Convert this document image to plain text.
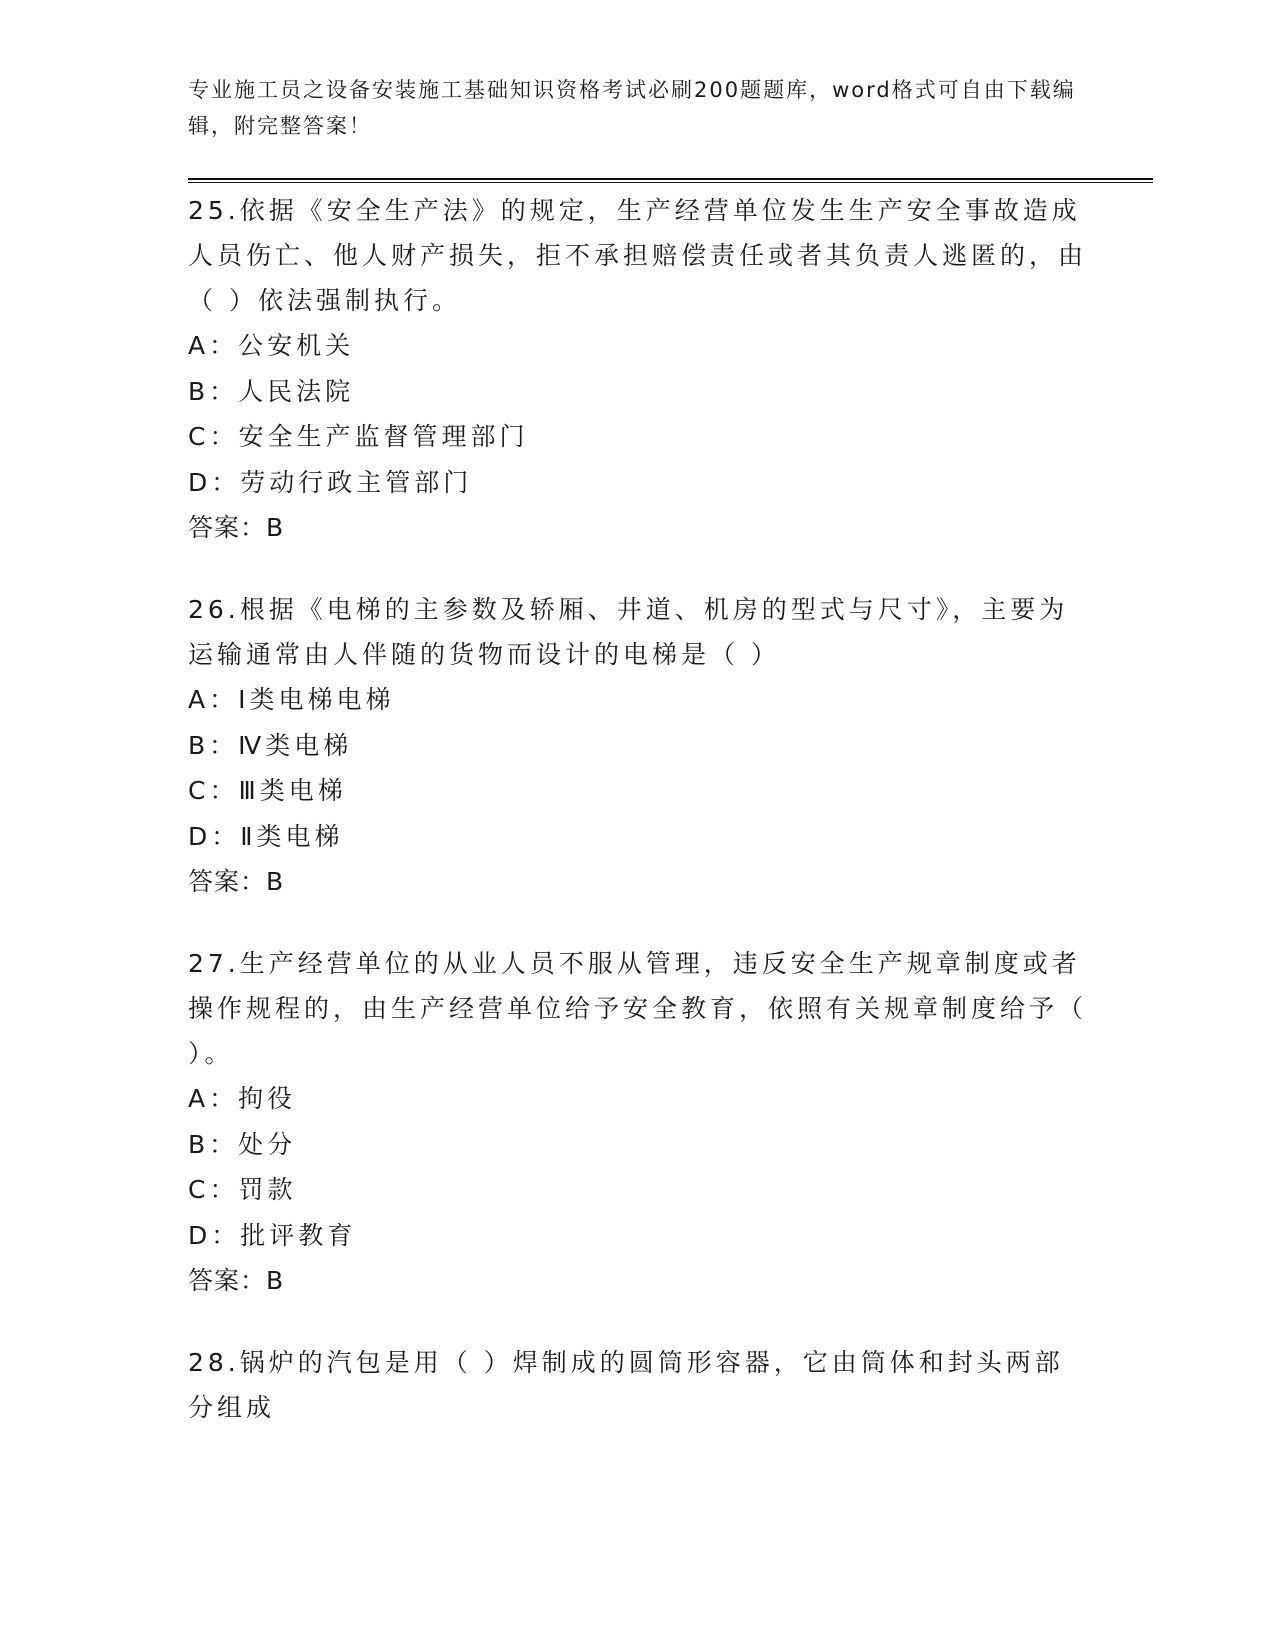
专业施工员之设备安装施工基础知识资格考试必刷200题题库，word格式可自由下载编辑，附完整答案！
25.依据《安全生产法》的规定，生产经营单位发生生产安全事故造成人员伤亡、他人财产损失，拒不承担赔偿责任或者其负责人逃匿的，由（ ）依法强制执行。
A：公安机关
B：人民法院
C：安全生产监督管理部门
D：劳动行政主管部门
答案：B
26.根据《电梯的主参数及轿厢、井道、机房的型式与尺寸》，主要为运输通常由人伴随的货物而设计的电梯是（ ）
A：Ⅰ类电梯电梯
B：Ⅳ类电梯
C：Ⅲ类电梯
D：Ⅱ类电梯
答案：B
27.生产经营单位的从业人员不服从管理，违反安全生产规章制度或者操作规程的，由生产经营单位给予安全教育，依照有关规章制度给予（ ）。
A：拘役
B：处分
C：罚款
D：批评教育
答案：B
28.锅炉的汽包是用（ ）焊制成的圆筒形容器，它由筒体和封头两部分组成
